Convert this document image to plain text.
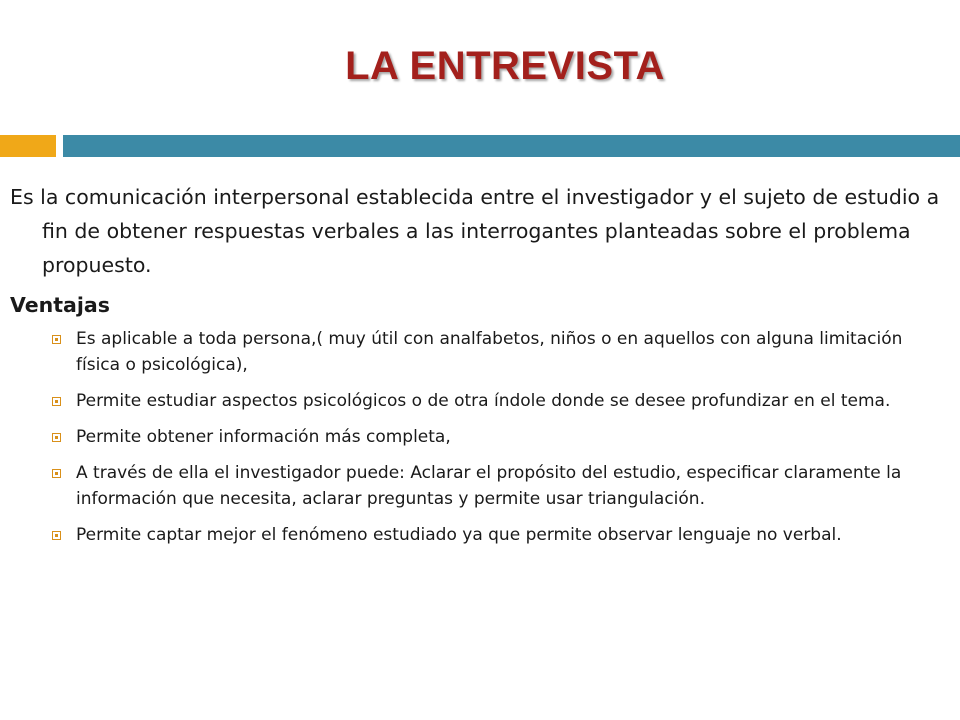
LA ENTREVISTA

Es la comunicación interpersonal establecida entre el investigador y el sujeto de estudio a fin de obtener respuestas verbales a las interrogantes planteadas sobre el problema propuesto.

Ventajas
Es aplicable a toda persona,( muy útil con analfabetos, niños o en aquellos con alguna limitación física o psicológica),
Permite estudiar aspectos psicológicos o de otra índole donde se desee profundizar en el tema.
Permite obtener información más completa,
A través de ella el investigador puede: Aclarar el propósito del estudio, especificar claramente la información que necesita, aclarar preguntas y permite usar triangulación.
Permite captar mejor el fenómeno estudiado ya que permite observar lenguaje no verbal.
